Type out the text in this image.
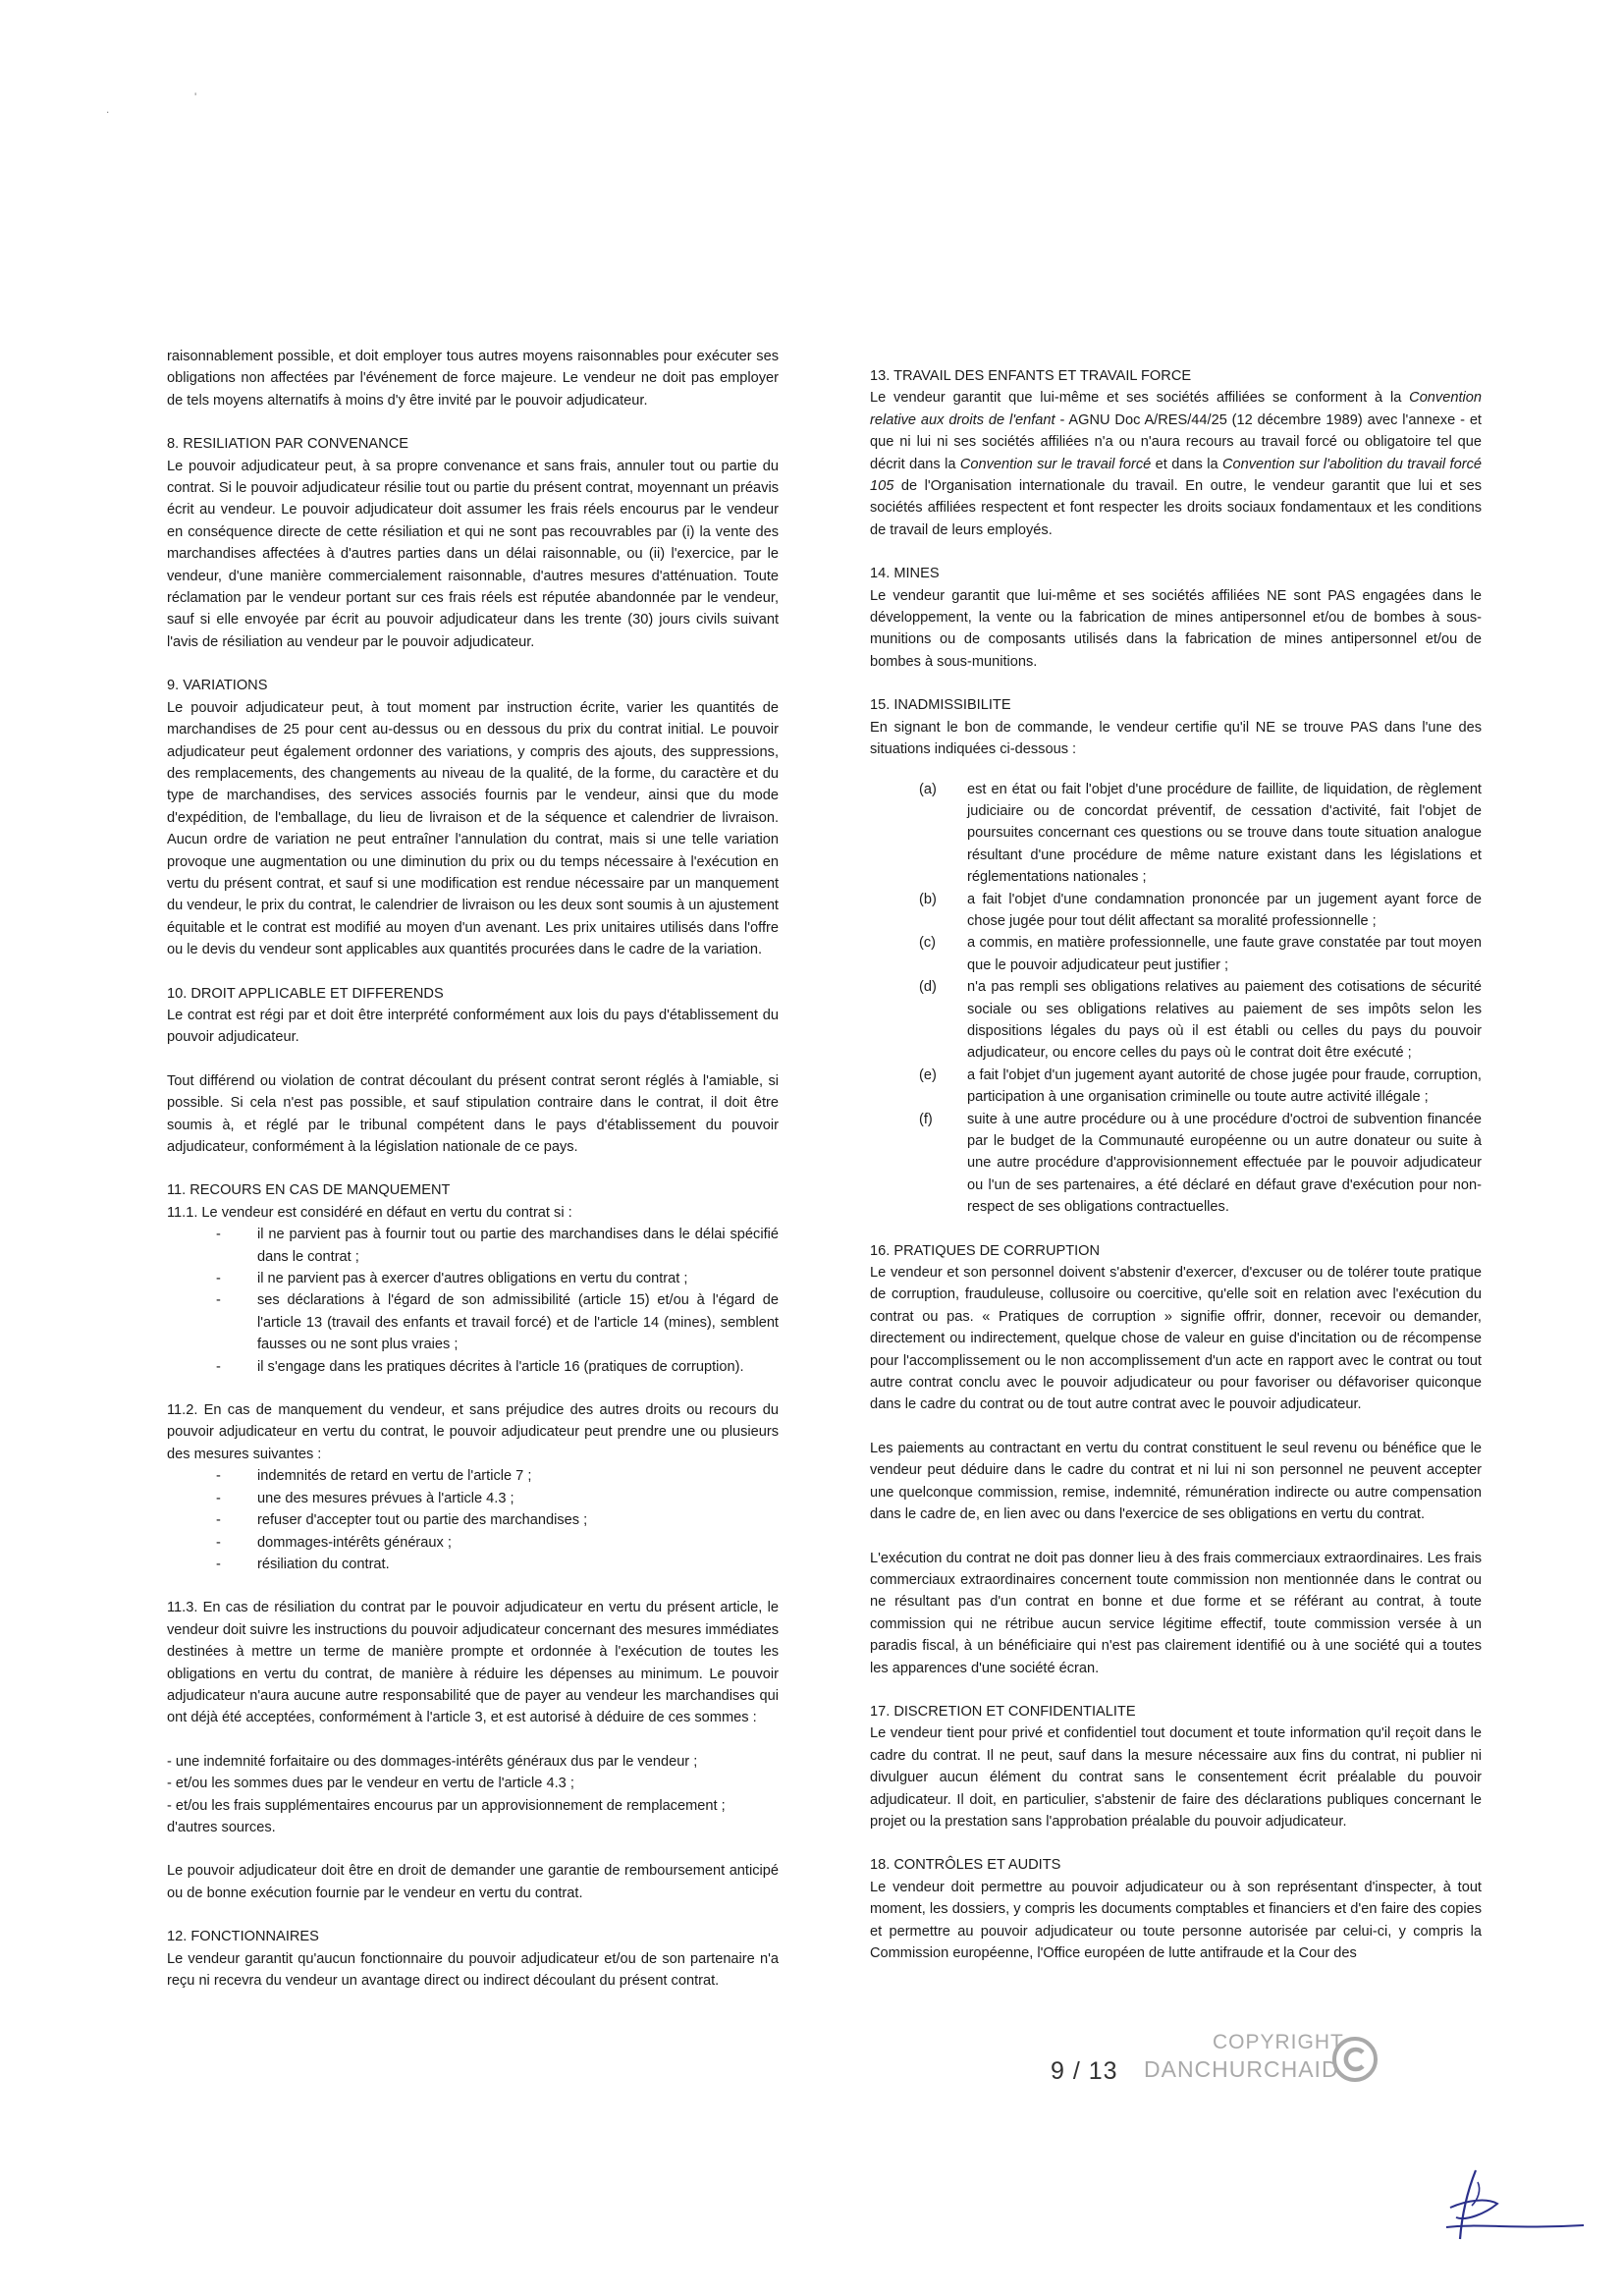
'
.

raisonnablement possible, et doit employer tous autres moyens raisonnables pour exécuter ses obligations non affectées par l'événement de force majeure. Le vendeur ne doit pas employer de tels moyens alternatifs à moins d'y être invité par le pouvoir adjudicateur.

8. RESILIATION PAR CONVENANCE

Le pouvoir adjudicateur peut, à sa propre convenance et sans frais, annuler tout ou partie du contrat. Si le pouvoir adjudicateur résilie tout ou partie du présent contrat, moyennant un préavis écrit au vendeur. Le pouvoir adjudicateur doit assumer les frais réels encourus par le vendeur en conséquence directe de cette résiliation et qui ne sont pas recouvrables par (i) la vente des marchandises affectées à d'autres parties dans un délai raisonnable, ou (ii) l'exercice, par le vendeur, d'une manière commercialement raisonnable, d'autres mesures d'atténuation. Toute réclamation par le vendeur portant sur ces frais réels est réputée abandonnée par le vendeur, sauf si elle envoyée par écrit au pouvoir adjudicateur dans les trente (30) jours civils suivant l'avis de résiliation au vendeur par le pouvoir adjudicateur.

9. VARIATIONS

Le pouvoir adjudicateur peut, à tout moment par instruction écrite, varier les quantités de marchandises de 25 pour cent au-dessus ou en dessous du prix du contrat initial. Le pouvoir adjudicateur peut également ordonner des variations, y compris des ajouts, des suppressions, des remplacements, des changements au niveau de la qualité, de la forme, du caractère et du type de marchandises, des services associés fournis par le vendeur, ainsi que du mode d'expédition, de l'emballage, du lieu de livraison et de la séquence et calendrier de livraison. Aucun ordre de variation ne peut entraîner l'annulation du contrat, mais si une telle variation provoque une augmentation ou une diminution du prix ou du temps nécessaire à l'exécution en vertu du présent contrat, et sauf si une modification est rendue nécessaire par un manquement du vendeur, le prix du contrat, le calendrier de livraison ou les deux sont soumis à un ajustement équitable et le contrat est modifié au moyen d'un avenant. Les prix unitaires utilisés dans l'offre ou le devis du vendeur sont applicables aux quantités procurées dans le cadre de la variation.

10. DROIT APPLICABLE ET DIFFERENDS

Le contrat est régi par et doit être interprété conformément aux lois du pays d'établissement du pouvoir adjudicateur.

Tout différend ou violation de contrat découlant du présent contrat seront réglés à l'amiable, si possible. Si cela n'est pas possible, et sauf stipulation contraire dans le contrat, il doit être soumis à, et réglé par le tribunal compétent dans le pays d'établissement du pouvoir adjudicateur, conformément à la législation nationale de ce pays.

11. RECOURS EN CAS DE MANQUEMENT

11.1. Le vendeur est considéré en défaut en vertu du contrat si :

- il ne parvient pas à fournir tout ou partie des marchandises dans le délai spécifié dans le contrat ;
- il ne parvient pas à exercer d'autres obligations en vertu du contrat ;
- ses déclarations à l'égard de son admissibilité (article 15) et/ou à l'égard de l'article 13 (travail des enfants et travail forcé) et de l'article 14 (mines), semblent fausses ou ne sont plus vraies ;
- il s'engage dans les pratiques décrites à l'article 16 (pratiques de corruption).

11.2. En cas de manquement du vendeur, et sans préjudice des autres droits ou recours du pouvoir adjudicateur en vertu du contrat, le pouvoir adjudicateur peut prendre une ou plusieurs des mesures suivantes :

- indemnités de retard en vertu de l'article 7 ;
- une des mesures prévues à l'article 4.3 ;
- refuser d'accepter tout ou partie des marchandises ;
- dommages-intérêts généraux ;
- résiliation du contrat.

11.3. En cas de résiliation du contrat par le pouvoir adjudicateur en vertu du présent article, le vendeur doit suivre les instructions du pouvoir adjudicateur concernant des mesures immédiates destinées à mettre un terme de manière prompte et ordonnée à l'exécution de toutes les obligations en vertu du contrat, de manière à réduire les dépenses au minimum. Le pouvoir adjudicateur n'aura aucune autre responsabilité que de payer au vendeur les marchandises qui ont déjà été acceptées, conformément à l'article 3, et est autorisé à déduire de ces sommes :

- une indemnité forfaitaire ou des dommages-intérêts généraux dus par le vendeur ;
- et/ou les sommes dues par le vendeur en vertu de l'article 4.3 ;
- et/ou les frais supplémentaires encourus par un approvisionnement de remplacement ; d'autres sources.

Le pouvoir adjudicateur doit être en droit de demander une garantie de remboursement anticipé ou de bonne exécution fournie par le vendeur en vertu du contrat.

12. FONCTIONNAIRES

Le vendeur garantit qu'aucun fonctionnaire du pouvoir adjudicateur et/ou de son partenaire n'a reçu ni recevra du vendeur un avantage direct ou indirect découlant du présent contrat.

13. TRAVAIL DES ENFANTS ET TRAVAIL FORCE

Le vendeur garantit que lui-même et ses sociétés affiliées se conforment à la Convention relative aux droits de l'enfant - AGNU Doc A/RES/44/25 (12 décembre 1989) avec l'annexe - et que ni lui ni ses sociétés affiliées n'a ou n'aura recours au travail forcé ou obligatoire tel que décrit dans la Convention sur le travail forcé et dans la Convention sur l'abolition du travail forcé 105 de l'Organisation internationale du travail. En outre, le vendeur garantit que lui et ses sociétés affiliées respectent et font respecter les droits sociaux fondamentaux et les conditions de travail de leurs employés.

14. MINES

Le vendeur garantit que lui-même et ses sociétés affiliées NE sont PAS engagées dans le développement, la vente ou la fabrication de mines antipersonnel et/ou de bombes à sous-munitions ou de composants utilisés dans la fabrication de mines antipersonnel et/ou de bombes à sous-munitions.

15. INADMISSIBILITE

En signant le bon de commande, le vendeur certifie qu'il NE se trouve PAS dans l'une des situations indiquées ci-dessous :

(a) est en état ou fait l'objet d'une procédure de faillite, de liquidation, de règlement judiciaire ou de concordat préventif, de cessation d'activité, fait l'objet de poursuites concernant ces questions ou se trouve dans toute situation analogue résultant d'une procédure de même nature existant dans les législations et réglementations nationales ;
(b) a fait l'objet d'une condamnation prononcée par un jugement ayant force de chose jugée pour tout délit affectant sa moralité professionnelle ;
(c) a commis, en matière professionnelle, une faute grave constatée par tout moyen que le pouvoir adjudicateur peut justifier ;
(d) n'a pas rempli ses obligations relatives au paiement des cotisations de sécurité sociale ou ses obligations relatives au paiement de ses impôts selon les dispositions légales du pays où il est établi ou celles du pays du pouvoir adjudicateur, ou encore celles du pays où le contrat doit être exécuté ;
(e) a fait l'objet d'un jugement ayant autorité de chose jugée pour fraude, corruption, participation à une organisation criminelle ou toute autre activité illégale ;
(f) suite à une autre procédure ou à une procédure d'octroi de subvention financée par le budget de la Communauté européenne ou un autre donateur ou suite à une autre procédure d'approvisionnement effectuée par le pouvoir adjudicateur ou l'un de ses partenaires, a été déclaré en défaut grave d'exécution pour non-respect de ses obligations contractuelles.
16. PRATIQUES DE CORRUPTION

Le vendeur et son personnel doivent s'abstenir d'exercer, d'excuser ou de tolérer toute pratique de corruption, frauduleuse, collusoire ou coercitive, qu'elle soit en relation avec l'exécution du contrat ou pas. « Pratiques de corruption » signifie offrir, donner, recevoir ou demander, directement ou indirectement, quelque chose de valeur en guise d'incitation ou de récompense pour l'accomplissement ou le non accomplissement d'un acte en rapport avec le contrat ou tout autre contrat conclu avec le pouvoir adjudicateur ou pour favoriser ou défavoriser quiconque dans le cadre du contrat ou de tout autre contrat avec le pouvoir adjudicateur.

Les paiements au contractant en vertu du contrat constituent le seul revenu ou bénéfice que le vendeur peut déduire dans le cadre du contrat et ni lui ni son personnel ne peuvent accepter une quelconque commission, remise, indemnité, rémunération indirecte ou autre compensation dans le cadre de, en lien avec ou dans l'exercice de ses obligations en vertu du contrat.

L'exécution du contrat ne doit pas donner lieu à des frais commerciaux extraordinaires. Les frais commerciaux extraordinaires concernent toute commission non mentionnée dans le contrat ou ne résultant pas d'un contrat en bonne et due forme et se référant au contrat, à toute commission qui ne rétribue aucun service légitime effectif, toute commission versée à un paradis fiscal, à un bénéficiaire qui n'est pas clairement identifié ou à une société qui a toutes les apparences d'une société écran.

17. DISCRETION ET CONFIDENTIALITE

Le vendeur tient pour privé et confidentiel tout document et toute information qu'il reçoit dans le cadre du contrat. Il ne peut, sauf dans la mesure nécessaire aux fins du contrat, ni publier ni divulguer aucun élément du contrat sans le consentement écrit préalable du pouvoir adjudicateur. Il doit, en particulier, s'abstenir de faire des déclarations publiques concernant le projet ou la prestation sans l'approbation préalable du pouvoir adjudicateur.

18. CONTRÔLES ET AUDITS

Le vendeur doit permettre au pouvoir adjudicateur ou à son représentant d'inspecter, à tout moment, les dossiers, y compris les documents comptables et financiers et d'en faire des copies et permettre au pouvoir adjudicateur ou toute personne autorisée par celui-ci, y compris la Commission européenne, l'Office européen de lutte antifraude et la Cour des

9 / 13
COPYRIGHT
DANCHURCHAID
